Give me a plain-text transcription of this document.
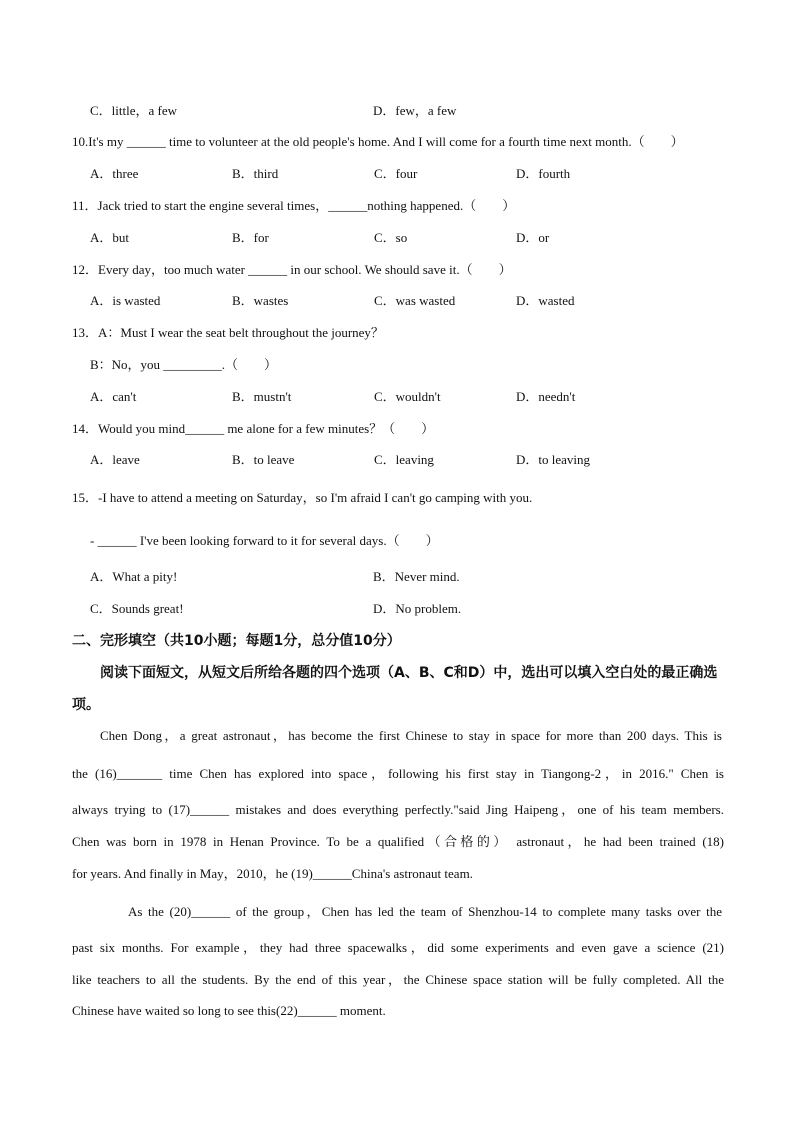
C．little，a few	D．few，a few
10.It's my ______ time to volunteer at the old people's home. And I will come for a fourth time next month.（　　）
A．three	B．third	C．four	D．fourth
11．Jack tried to start the engine several times，______nothing happened.（　　）
A．but	B．for	C．so	D．or
12．Every day，too much water ______ in our school. We should save it.（　　）
A．is wasted	B．wastes	C．was wasted	D．wasted
13．A：Must I wear the seat belt throughout the journey？
B：No，you _________.（　　）
A．can't	B．mustn't	C．wouldn't	D．needn't
14．Would you mind______ me alone for a few minutes？（　　）
A．leave	B．to leave	C．leaving	D．to leaving
15．-I have to attend a meeting on Saturday，so I'm afraid I can't go camping with you.
- ______ I've been looking forward to it for several days.（　　）
A．What a pity!	B．Never mind.
C．Sounds great!	D．No problem.
二、完形填空（共10小题；每题1分，总分值10分）
阅读下面短文，从短文后所给各题的四个选项（A、B、C和D）中，选出可以填入空白处的最正确选
项。
Chen Dong，a great astronaut，has become the first Chinese to stay in space for more than 200 days. This is
the (16)_______ time Chen has explored into space，following his first stay in Tiangong-2，in 2016." Chen is
always trying to (17)______ mistakes and does everything perfectly."said Jing Haipeng，one of his team members.
Chen was born in 1978 in Henan Province. To be a qualified（合格的） astronaut，he had been trained (18)
for years. And finally in May，2010，he (19)______China's astronaut team.
As the (20)______ of the group，Chen has led the team of Shenzhou-14 to complete many tasks over the
past six months. For example，they had three spacewalks，did some experiments and even gave a science (21)
like teachers to all the students. By the end of this year，the Chinese space station will be fully completed. All the
Chinese have waited so long to see this(22)______ moment.
